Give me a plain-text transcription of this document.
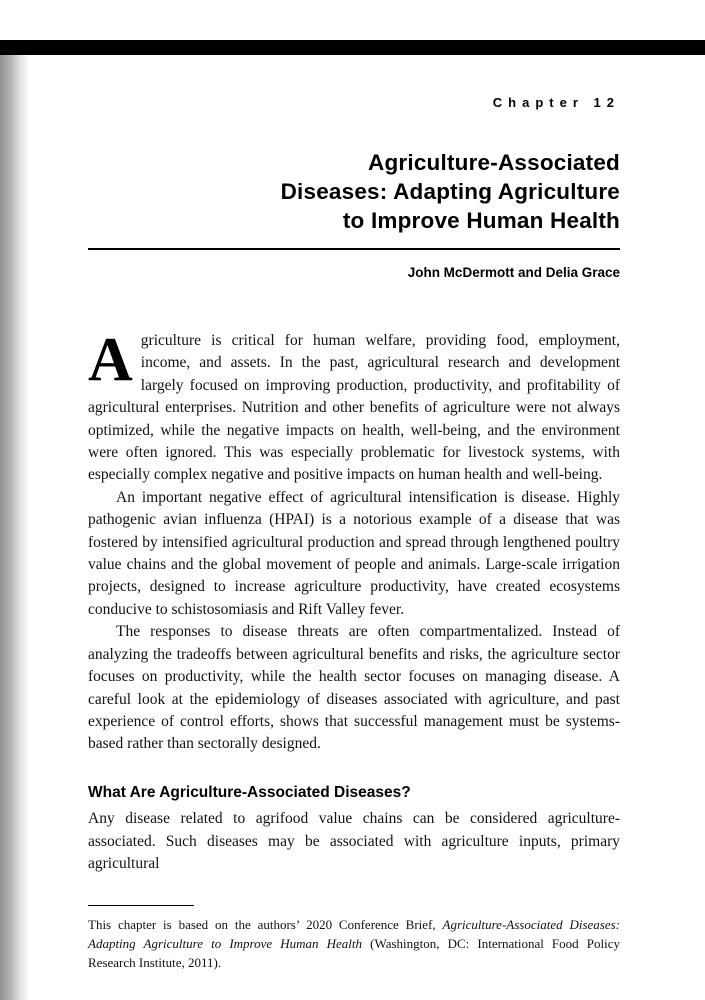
Chapter 12
Agriculture-Associated
Diseases: Adapting Agriculture
to Improve Human Health
John McDermott and Delia Grace

Agriculture is critical for human welfare, providing food, employment, income, and assets. In the past, agricultural research and development largely focused on improving production, productivity, and profitability of agricultural enterprises. Nutrition and other benefits of agriculture were not always optimized, while the negative impacts on health, well-being, and the environment were often ignored. This was especially problematic for livestock systems, with especially complex negative and positive impacts on human health and well-being.

An important negative effect of agricultural intensification is disease. Highly pathogenic avian influenza (HPAI) is a notorious example of a disease that was fostered by intensified agricultural production and spread through lengthened poultry value chains and the global movement of people and animals. Large-scale irrigation projects, designed to increase agriculture productivity, have created ecosystems conducive to schistosomiasis and Rift Valley fever.

The responses to disease threats are often compartmentalized. Instead of analyzing the tradeoffs between agricultural benefits and risks, the agriculture sector focuses on productivity, while the health sector focuses on managing disease. A careful look at the epidemiology of diseases associated with agriculture, and past experience of control efforts, shows that successful management must be systems-based rather than sectorally designed.

What Are Agriculture-Associated Diseases?

Any disease related to agrifood value chains can be considered agriculture-associated. Such diseases may be associated with agriculture inputs, primary agricultural

This chapter is based on the authors’ 2020 Conference Brief, Agriculture-Associated Diseases: Adapting Agriculture to Improve Human Health (Washington, DC: International Food Policy Research Institute, 2011).
